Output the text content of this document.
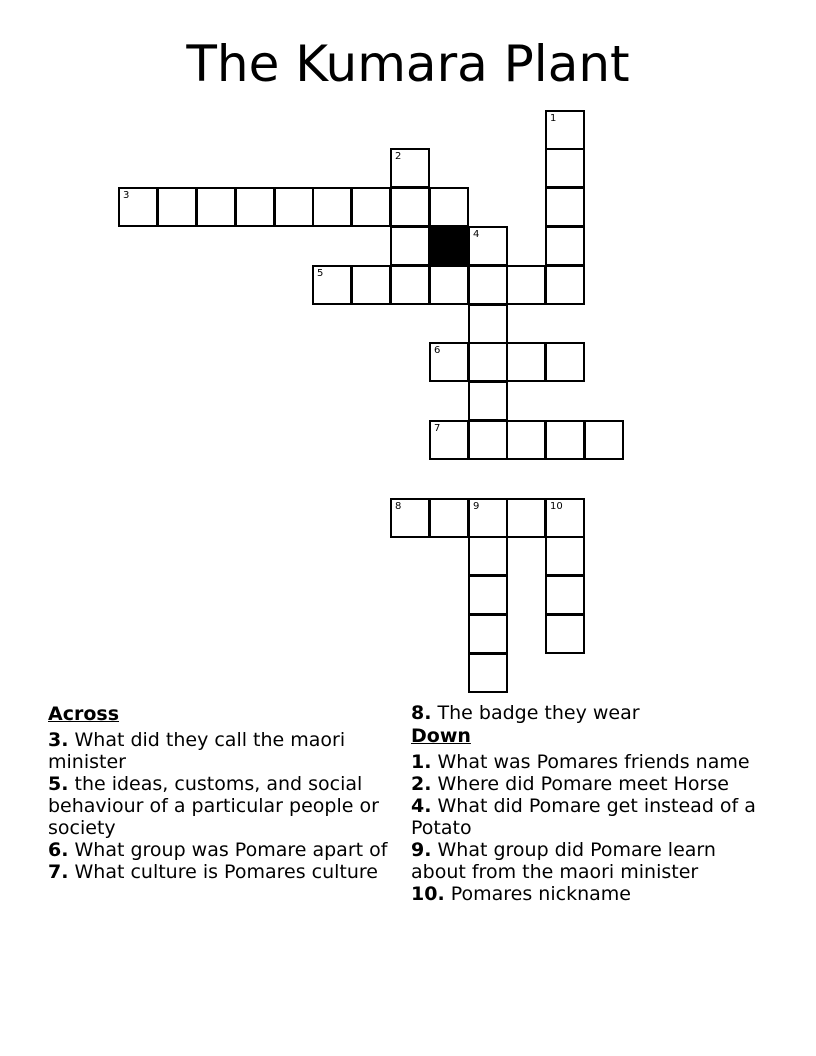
The Kumara Plant
1
2
3
4
5
6
7
8	9	10
Across
3. What did they call the maori minister
5. the ideas, customs, and social behaviour of a particular people or society
6. What group was Pomare apart of
7. What culture is Pomares culture
8. The badge they wear
Down
1. What was Pomares friends name
2. Where did Pomare meet Horse
4. What did Pomare get instead of a Potato
9. What group did Pomare learn about from the maori minister
10. Pomares nickname
